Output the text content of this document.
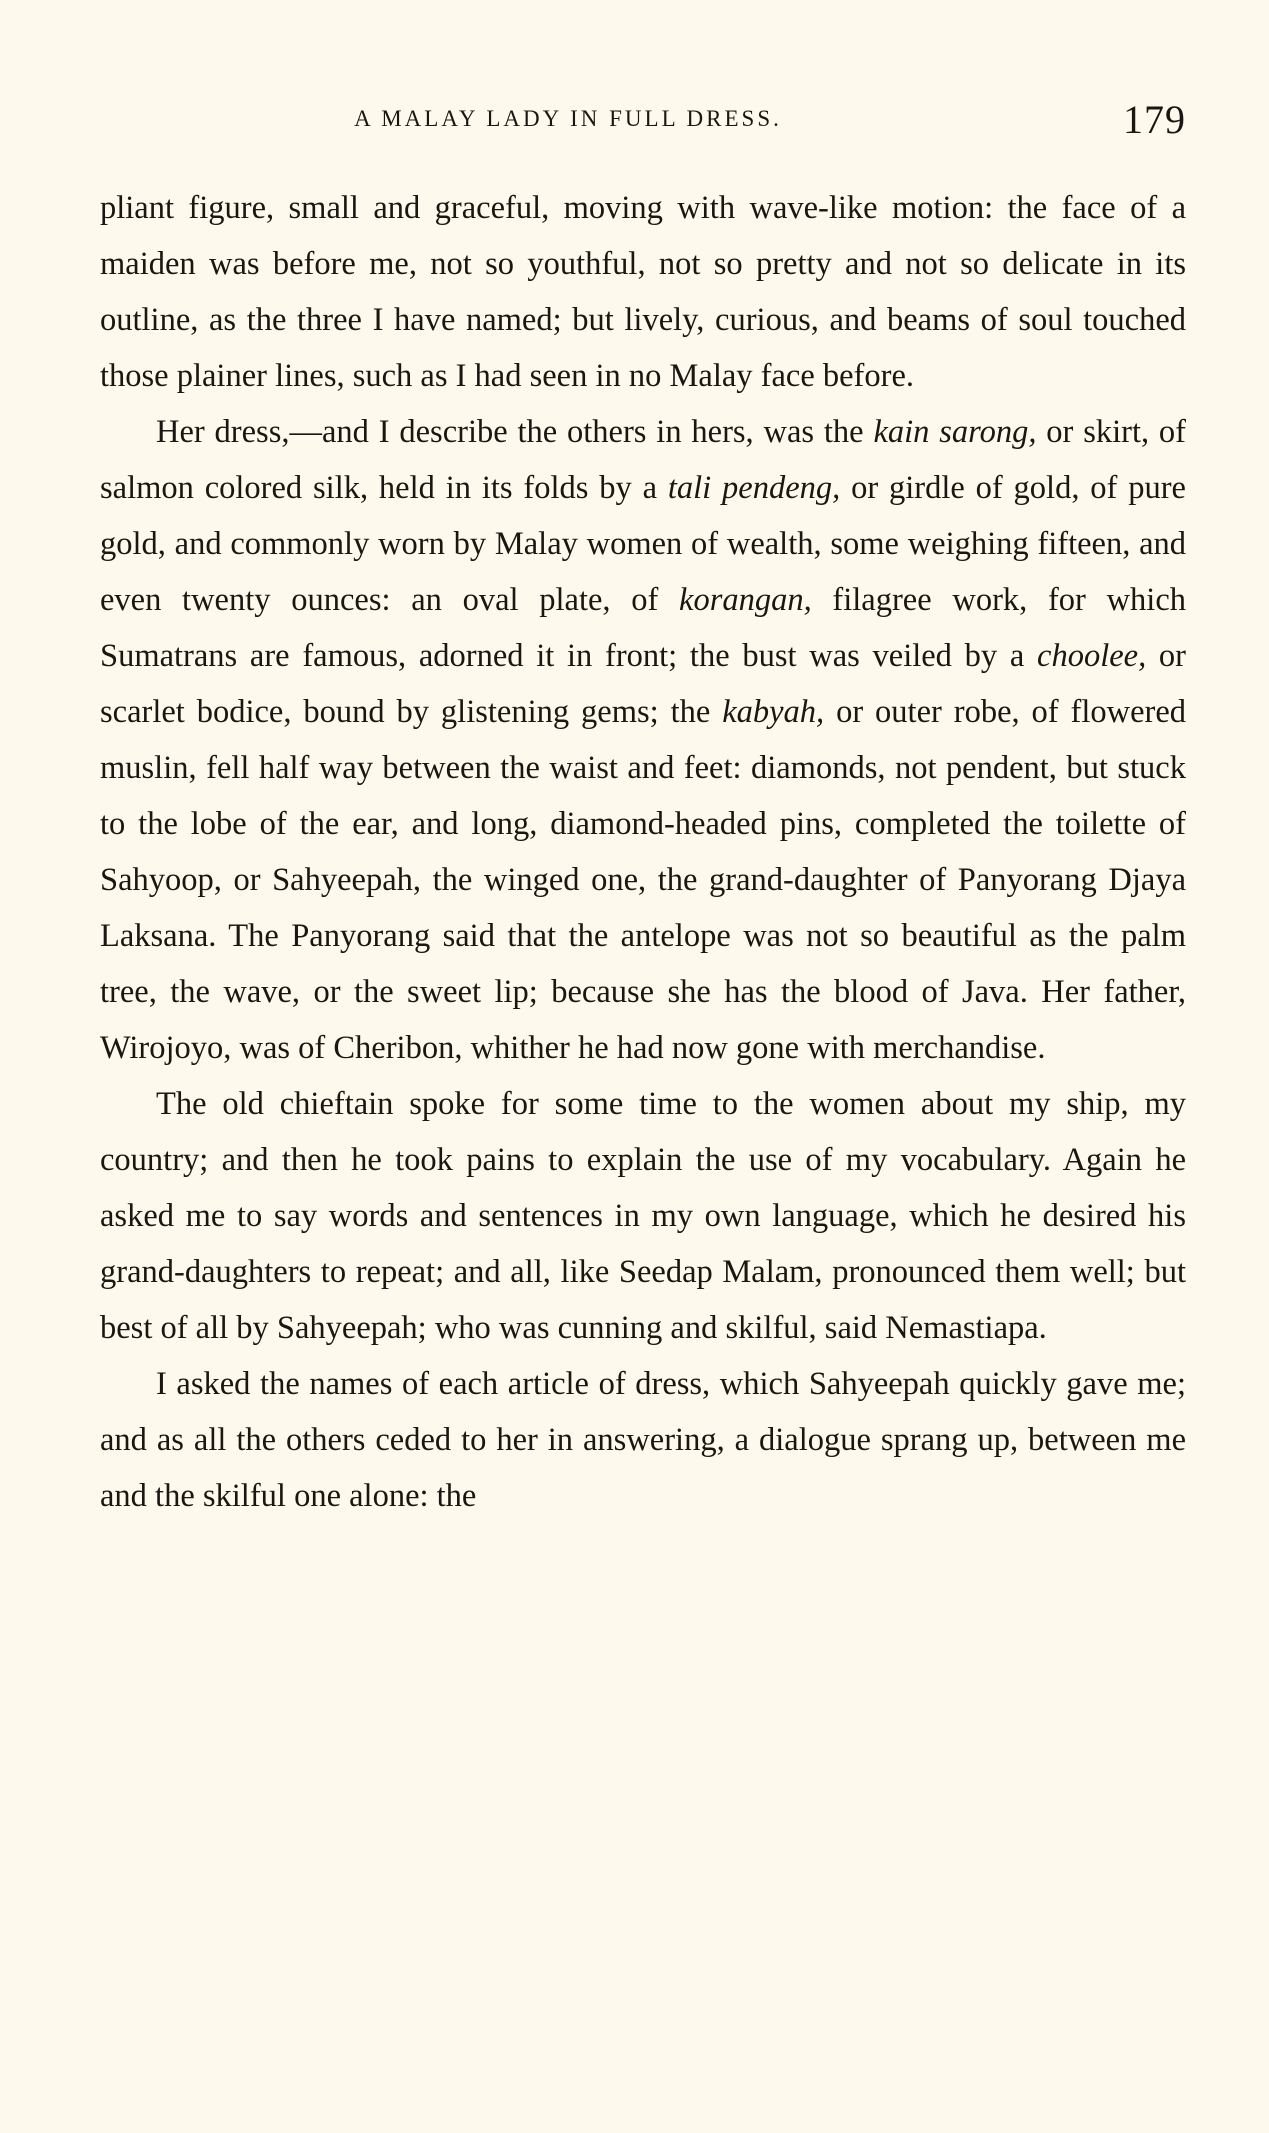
A MALAY LADY IN FULL DRESS.	179

pliant figure, small and graceful, moving with wave-like motion: the face of a maiden was before me, not so youthful, not so pretty and not so delicate in its outline, as the three I have named; but lively, curious, and beams of soul touched those plainer lines, such as I had seen in no Malay face before.

Her dress,—and I describe the others in hers, was the kain sarong, or skirt, of salmon colored silk, held in its folds by a tali pendeng, or girdle of gold, of pure gold, and commonly worn by Malay women of wealth, some weighing fifteen, and even twenty ounces: an oval plate, of korangan, filagree work, for which Sumatrans are famous, adorned it in front; the bust was veiled by a choolee, or scarlet bodice, bound by glistening gems; the kabyah, or outer robe, of flowered muslin, fell half way between the waist and feet: diamonds, not pendent, but stuck to the lobe of the ear, and long, diamond-headed pins, completed the toilette of Sahyoop, or Sahyeepah, the winged one, the grand-daughter of Panyorang Djaya Laksana. The Panyorang said that the antelope was not so beautiful as the palm tree, the wave, or the sweet lip; because she has the blood of Java. Her father, Wirojoyo, was of Cheribon, whither he had now gone with merchandise.

The old chieftain spoke for some time to the women about my ship, my country; and then he took pains to explain the use of my vocabulary. Again he asked me to say words and sentences in my own language, which he desired his grand-daughters to repeat; and all, like Seedap Malam, pronounced them well; but best of all by Sahyeepah; who was cunning and skilful, said Nemastiapa.

I asked the names of each article of dress, which Sahyeepah quickly gave me; and as all the others ceded to her in answering, a dialogue sprang up, between me and the skilful one alone: the
